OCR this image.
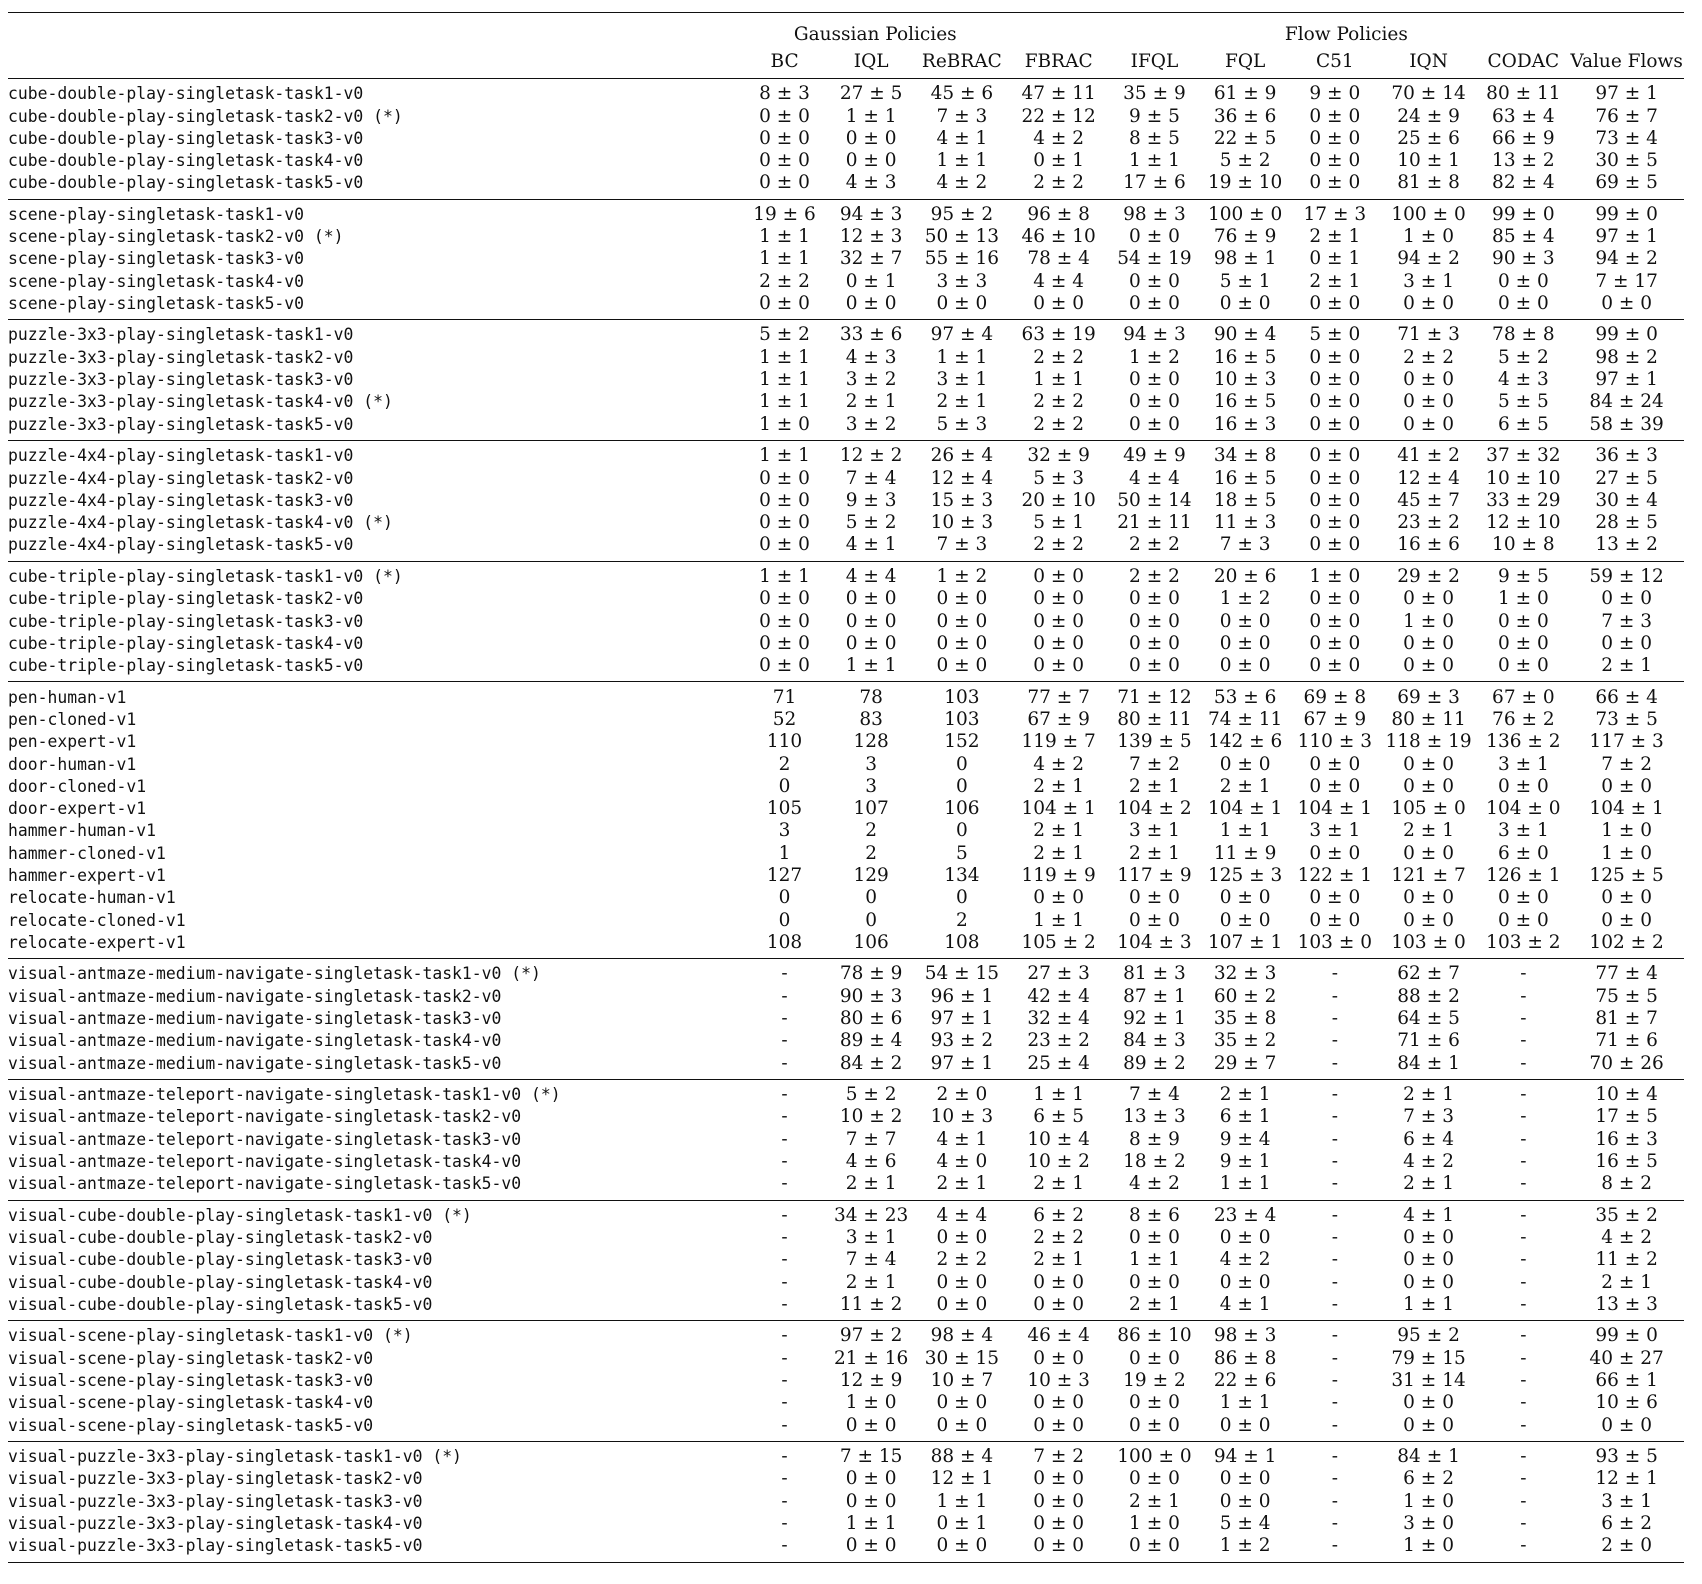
	Gaussian Policies			Flow Policies						
	BC	IQL	ReBRAC	FBRAC	IFQL	FQL	C51	IQN	CODAC	Value Flows
cube-double-play-singletask-task1-v0	8 ± 3	27 ± 5	45 ± 6	47 ± 11	35 ± 9	61 ± 9	9 ± 0	70 ± 14	80 ± 11	97 ± 1
cube-double-play-singletask-task2-v0 (*)	0 ± 0	1 ± 1	7 ± 3	22 ± 12	9 ± 5	36 ± 6	0 ± 0	24 ± 9	63 ± 4	76 ± 7
cube-double-play-singletask-task3-v0	0 ± 0	0 ± 0	4 ± 1	4 ± 2	8 ± 5	22 ± 5	0 ± 0	25 ± 6	66 ± 9	73 ± 4
cube-double-play-singletask-task4-v0	0 ± 0	0 ± 0	1 ± 1	0 ± 1	1 ± 1	5 ± 2	0 ± 0	10 ± 1	13 ± 2	30 ± 5
cube-double-play-singletask-task5-v0	0 ± 0	4 ± 3	4 ± 2	2 ± 2	17 ± 6	19 ± 10	0 ± 0	81 ± 8	82 ± 4	69 ± 5
scene-play-singletask-task1-v0	19 ± 6	94 ± 3	95 ± 2	96 ± 8	98 ± 3	100 ± 0	17 ± 3	100 ± 0	99 ± 0	99 ± 0
scene-play-singletask-task2-v0 (*)	1 ± 1	12 ± 3	50 ± 13	46 ± 10	0 ± 0	76 ± 9	2 ± 1	1 ± 0	85 ± 4	97 ± 1
scene-play-singletask-task3-v0	1 ± 1	32 ± 7	55 ± 16	78 ± 4	54 ± 19	98 ± 1	0 ± 1	94 ± 2	90 ± 3	94 ± 2
scene-play-singletask-task4-v0	2 ± 2	0 ± 1	3 ± 3	4 ± 4	0 ± 0	5 ± 1	2 ± 1	3 ± 1	0 ± 0	7 ± 17
scene-play-singletask-task5-v0	0 ± 0	0 ± 0	0 ± 0	0 ± 0	0 ± 0	0 ± 0	0 ± 0	0 ± 0	0 ± 0	0 ± 0
puzzle-3x3-play-singletask-task1-v0	5 ± 2	33 ± 6	97 ± 4	63 ± 19	94 ± 3	90 ± 4	5 ± 0	71 ± 3	78 ± 8	99 ± 0
puzzle-3x3-play-singletask-task2-v0	1 ± 1	4 ± 3	1 ± 1	2 ± 2	1 ± 2	16 ± 5	0 ± 0	2 ± 2	5 ± 2	98 ± 2
puzzle-3x3-play-singletask-task3-v0	1 ± 1	3 ± 2	3 ± 1	1 ± 1	0 ± 0	10 ± 3	0 ± 0	0 ± 0	4 ± 3	97 ± 1
puzzle-3x3-play-singletask-task4-v0 (*)	1 ± 1	2 ± 1	2 ± 1	2 ± 2	0 ± 0	16 ± 5	0 ± 0	0 ± 0	5 ± 5	84 ± 24
puzzle-3x3-play-singletask-task5-v0	1 ± 0	3 ± 2	5 ± 3	2 ± 2	0 ± 0	16 ± 3	0 ± 0	0 ± 0	6 ± 5	58 ± 39
puzzle-4x4-play-singletask-task1-v0	1 ± 1	12 ± 2	26 ± 4	32 ± 9	49 ± 9	34 ± 8	0 ± 0	41 ± 2	37 ± 32	36 ± 3
puzzle-4x4-play-singletask-task2-v0	0 ± 0	7 ± 4	12 ± 4	5 ± 3	4 ± 4	16 ± 5	0 ± 0	12 ± 4	10 ± 10	27 ± 5
puzzle-4x4-play-singletask-task3-v0	0 ± 0	9 ± 3	15 ± 3	20 ± 10	50 ± 14	18 ± 5	0 ± 0	45 ± 7	33 ± 29	30 ± 4
puzzle-4x4-play-singletask-task4-v0 (*)	0 ± 0	5 ± 2	10 ± 3	5 ± 1	21 ± 11	11 ± 3	0 ± 0	23 ± 2	12 ± 10	28 ± 5
puzzle-4x4-play-singletask-task5-v0	0 ± 0	4 ± 1	7 ± 3	2 ± 2	2 ± 2	7 ± 3	0 ± 0	16 ± 6	10 ± 8	13 ± 2
cube-triple-play-singletask-task1-v0 (*)	1 ± 1	4 ± 4	1 ± 2	0 ± 0	2 ± 2	20 ± 6	1 ± 0	29 ± 2	9 ± 5	59 ± 12
cube-triple-play-singletask-task2-v0	0 ± 0	0 ± 0	0 ± 0	0 ± 0	0 ± 0	1 ± 2	0 ± 0	0 ± 0	1 ± 0	0 ± 0
cube-triple-play-singletask-task3-v0	0 ± 0	0 ± 0	0 ± 0	0 ± 0	0 ± 0	0 ± 0	0 ± 0	1 ± 0	0 ± 0	7 ± 3
cube-triple-play-singletask-task4-v0	0 ± 0	0 ± 0	0 ± 0	0 ± 0	0 ± 0	0 ± 0	0 ± 0	0 ± 0	0 ± 0	0 ± 0
cube-triple-play-singletask-task5-v0	0 ± 0	1 ± 1	0 ± 0	0 ± 0	0 ± 0	0 ± 0	0 ± 0	0 ± 0	0 ± 0	2 ± 1
pen-human-v1	71	78	103	77 ± 7	71 ± 12	53 ± 6	69 ± 8	69 ± 3	67 ± 0	66 ± 4
pen-cloned-v1	52	83	103	67 ± 9	80 ± 11	74 ± 11	67 ± 9	80 ± 11	76 ± 2	73 ± 5
pen-expert-v1	110	128	152	119 ± 7	139 ± 5	142 ± 6	110 ± 3	118 ± 19	136 ± 2	117 ± 3
door-human-v1	2	3	0	4 ± 2	7 ± 2	0 ± 0	0 ± 0	0 ± 0	3 ± 1	7 ± 2
door-cloned-v1	0	3	0	2 ± 1	2 ± 1	2 ± 1	0 ± 0	0 ± 0	0 ± 0	0 ± 0
door-expert-v1	105	107	106	104 ± 1	104 ± 2	104 ± 1	104 ± 1	105 ± 0	104 ± 0	104 ± 1
hammer-human-v1	3	2	0	2 ± 1	3 ± 1	1 ± 1	3 ± 1	2 ± 1	3 ± 1	1 ± 0
hammer-cloned-v1	1	2	5	2 ± 1	2 ± 1	11 ± 9	0 ± 0	0 ± 0	6 ± 0	1 ± 0
hammer-expert-v1	127	129	134	119 ± 9	117 ± 9	125 ± 3	122 ± 1	121 ± 7	126 ± 1	125 ± 5
relocate-human-v1	0	0	0	0 ± 0	0 ± 0	0 ± 0	0 ± 0	0 ± 0	0 ± 0	0 ± 0
relocate-cloned-v1	0	0	2	1 ± 1	0 ± 0	0 ± 0	0 ± 0	0 ± 0	0 ± 0	0 ± 0
relocate-expert-v1	108	106	108	105 ± 2	104 ± 3	107 ± 1	103 ± 0	103 ± 0	103 ± 2	102 ± 2
visual-antmaze-medium-navigate-singletask-task1-v0 (*)	-	78 ± 9	54 ± 15	27 ± 3	81 ± 3	32 ± 3	-	62 ± 7	-	77 ± 4
visual-antmaze-medium-navigate-singletask-task2-v0	-	90 ± 3	96 ± 1	42 ± 4	87 ± 1	60 ± 2	-	88 ± 2	-	75 ± 5
visual-antmaze-medium-navigate-singletask-task3-v0	-	80 ± 6	97 ± 1	32 ± 4	92 ± 1	35 ± 8	-	64 ± 5	-	81 ± 7
visual-antmaze-medium-navigate-singletask-task4-v0	-	89 ± 4	93 ± 2	23 ± 2	84 ± 3	35 ± 2	-	71 ± 6	-	71 ± 6
visual-antmaze-medium-navigate-singletask-task5-v0	-	84 ± 2	97 ± 1	25 ± 4	89 ± 2	29 ± 7	-	84 ± 1	-	70 ± 26
visual-antmaze-teleport-navigate-singletask-task1-v0 (*)	-	5 ± 2	2 ± 0	1 ± 1	7 ± 4	2 ± 1	-	2 ± 1	-	10 ± 4
visual-antmaze-teleport-navigate-singletask-task2-v0	-	10 ± 2	10 ± 3	6 ± 5	13 ± 3	6 ± 1	-	7 ± 3	-	17 ± 5
visual-antmaze-teleport-navigate-singletask-task3-v0	-	7 ± 7	4 ± 1	10 ± 4	8 ± 9	9 ± 4	-	6 ± 4	-	16 ± 3
visual-antmaze-teleport-navigate-singletask-task4-v0	-	4 ± 6	4 ± 0	10 ± 2	18 ± 2	9 ± 1	-	4 ± 2	-	16 ± 5
visual-antmaze-teleport-navigate-singletask-task5-v0	-	2 ± 1	2 ± 1	2 ± 1	4 ± 2	1 ± 1	-	2 ± 1	-	8 ± 2
visual-cube-double-play-singletask-task1-v0 (*)	-	34 ± 23	4 ± 4	6 ± 2	8 ± 6	23 ± 4	-	4 ± 1	-	35 ± 2
visual-cube-double-play-singletask-task2-v0	-	3 ± 1	0 ± 0	2 ± 2	0 ± 0	0 ± 0	-	0 ± 0	-	4 ± 2
visual-cube-double-play-singletask-task3-v0	-	7 ± 4	2 ± 2	2 ± 1	1 ± 1	4 ± 2	-	0 ± 0	-	11 ± 2
visual-cube-double-play-singletask-task4-v0	-	2 ± 1	0 ± 0	0 ± 0	0 ± 0	0 ± 0	-	0 ± 0	-	2 ± 1
visual-cube-double-play-singletask-task5-v0	-	11 ± 2	0 ± 0	0 ± 0	2 ± 1	4 ± 1	-	1 ± 1	-	13 ± 3
visual-scene-play-singletask-task1-v0 (*)	-	97 ± 2	98 ± 4	46 ± 4	86 ± 10	98 ± 3	-	95 ± 2	-	99 ± 0
visual-scene-play-singletask-task2-v0	-	21 ± 16	30 ± 15	0 ± 0	0 ± 0	86 ± 8	-	79 ± 15	-	40 ± 27
visual-scene-play-singletask-task3-v0	-	12 ± 9	10 ± 7	10 ± 3	19 ± 2	22 ± 6	-	31 ± 14	-	66 ± 1
visual-scene-play-singletask-task4-v0	-	1 ± 0	0 ± 0	0 ± 0	0 ± 0	1 ± 1	-	0 ± 0	-	10 ± 6
visual-scene-play-singletask-task5-v0	-	0 ± 0	0 ± 0	0 ± 0	0 ± 0	0 ± 0	-	0 ± 0	-	0 ± 0
visual-puzzle-3x3-play-singletask-task1-v0 (*)	-	7 ± 15	88 ± 4	7 ± 2	100 ± 0	94 ± 1	-	84 ± 1	-	93 ± 5
visual-puzzle-3x3-play-singletask-task2-v0	-	0 ± 0	12 ± 1	0 ± 0	0 ± 0	0 ± 0	-	6 ± 2	-	12 ± 1
visual-puzzle-3x3-play-singletask-task3-v0	-	0 ± 0	1 ± 1	0 ± 0	2 ± 1	0 ± 0	-	1 ± 0	-	3 ± 1
visual-puzzle-3x3-play-singletask-task4-v0	-	1 ± 1	0 ± 1	0 ± 0	1 ± 0	5 ± 4	-	3 ± 0	-	6 ± 2
visual-puzzle-3x3-play-singletask-task5-v0	-	0 ± 0	0 ± 0	0 ± 0	0 ± 0	1 ± 2	-	1 ± 0	-	2 ± 0
